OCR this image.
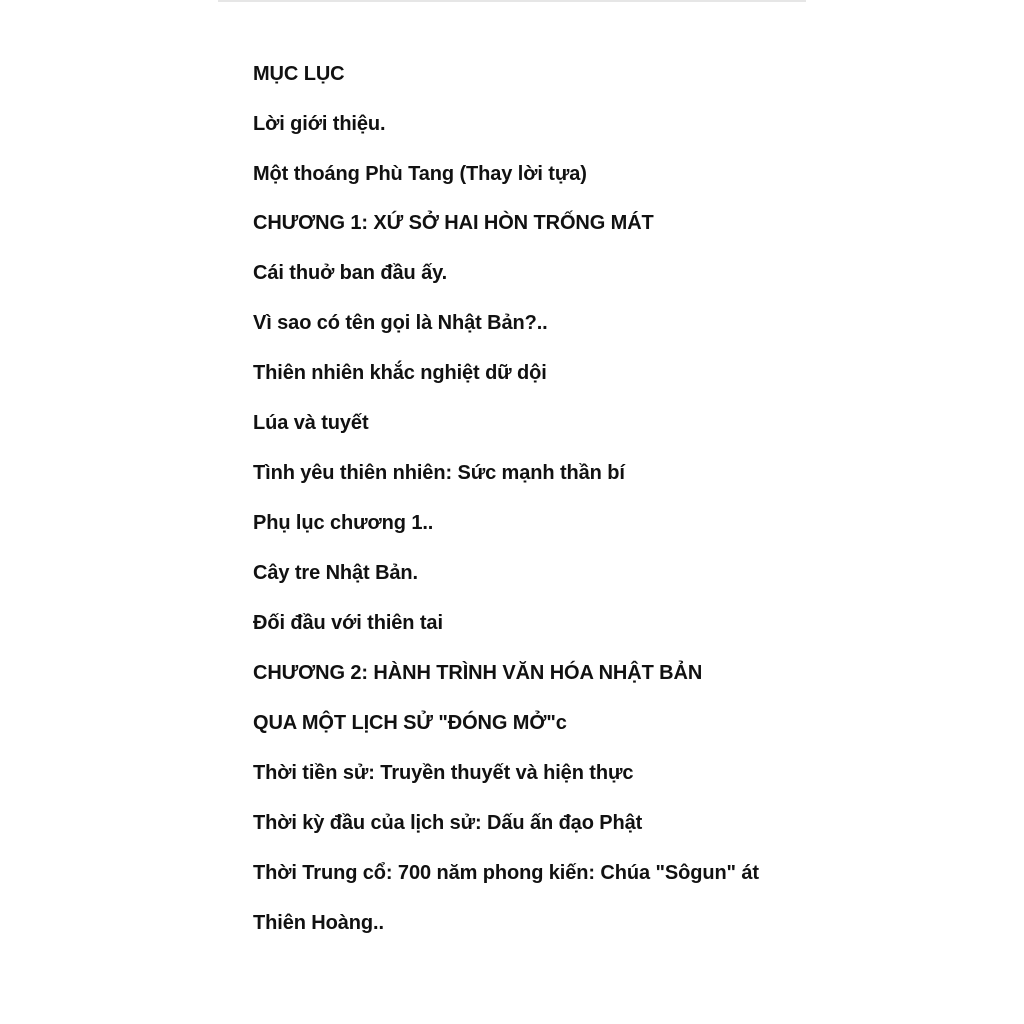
MỤC LỤC
Lời giới thiệu.
Một thoáng Phù Tang (Thay lời tựa)
CHƯƠNG 1: XỨ SỞ HAI HÒN TRỐNG MÁT
Cái thuở ban đầu ấy.
Vì sao có tên gọi là Nhật Bản?..
Thiên nhiên khắc nghiệt dữ dội
Lúa và tuyết
Tình yêu thiên nhiên: Sức mạnh thần bí
Phụ lục chương 1..
Cây tre Nhật Bản.
Đối đầu với thiên tai
CHƯƠNG 2: HÀNH TRÌNH VĂN HÓA NHẬT BẢN
QUA MỘT LỊCH SỬ "ĐÓNG MỞ"c
Thời tiền sử: Truyền thuyết và hiện thực
Thời kỳ đầu của lịch sử: Dấu ấn đạo Phật
Thời Trung cổ: 700 năm phong kiến: Chúa "Sôgun" át
Thiên Hoàng..
